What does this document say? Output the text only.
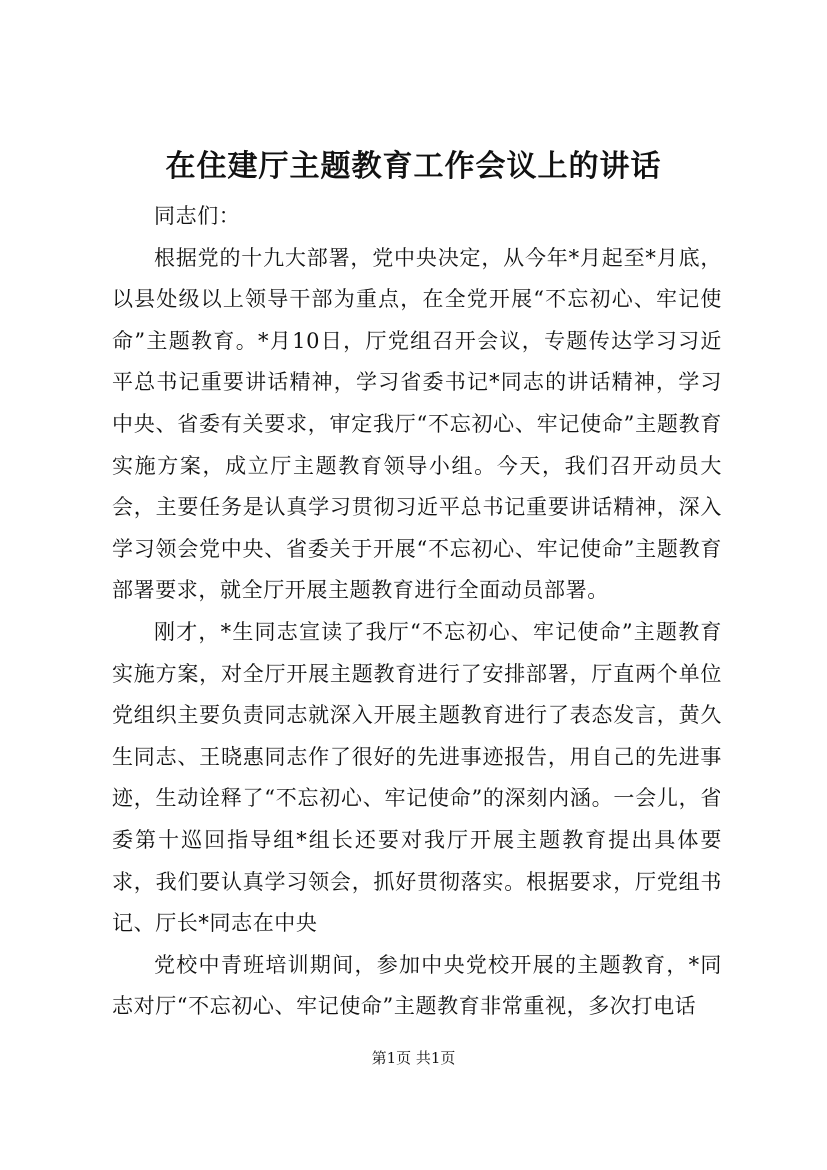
在住建厅主题教育工作会议上的讲话

同志们：

根据党的十九大部署，党中央决定，从今年*月起至*月底，以县处级以上领导干部为重点，在全党开展“不忘初心、牢记使命”主题教育。*月10日，厅党组召开会议，专题传达学习习近平总书记重要讲话精神，学习省委书记*同志的讲话精神，学习中央、省委有关要求，审定我厅“不忘初心、牢记使命”主题教育实施方案，成立厅主题教育领导小组。今天，我们召开动员大会，主要任务是认真学习贯彻习近平总书记重要讲话精神，深入学习领会党中央、省委关于开展“不忘初心、牢记使命”主题教育部署要求，就全厅开展主题教育进行全面动员部署。

刚才，*生同志宣读了我厅“不忘初心、牢记使命”主题教育实施方案，对全厅开展主题教育进行了安排部署，厅直两个单位党组织主要负责同志就深入开展主题教育进行了表态发言，黄久生同志、王晓惠同志作了很好的先进事迹报告，用自己的先进事迹，生动诠释了“不忘初心、牢记使命”的深刻内涵。一会儿，省委第十巡回指导组*组长还要对我厅开展主题教育提出具体要求，我们要认真学习领会，抓好贯彻落实。根据要求，厅党组书记、厅长*同志在中央

党校中青班培训期间，参加中央党校开展的主题教育，*同志对厅“不忘初心、牢记使命”主题教育非常重视，多次打电话

第1页 共1页
